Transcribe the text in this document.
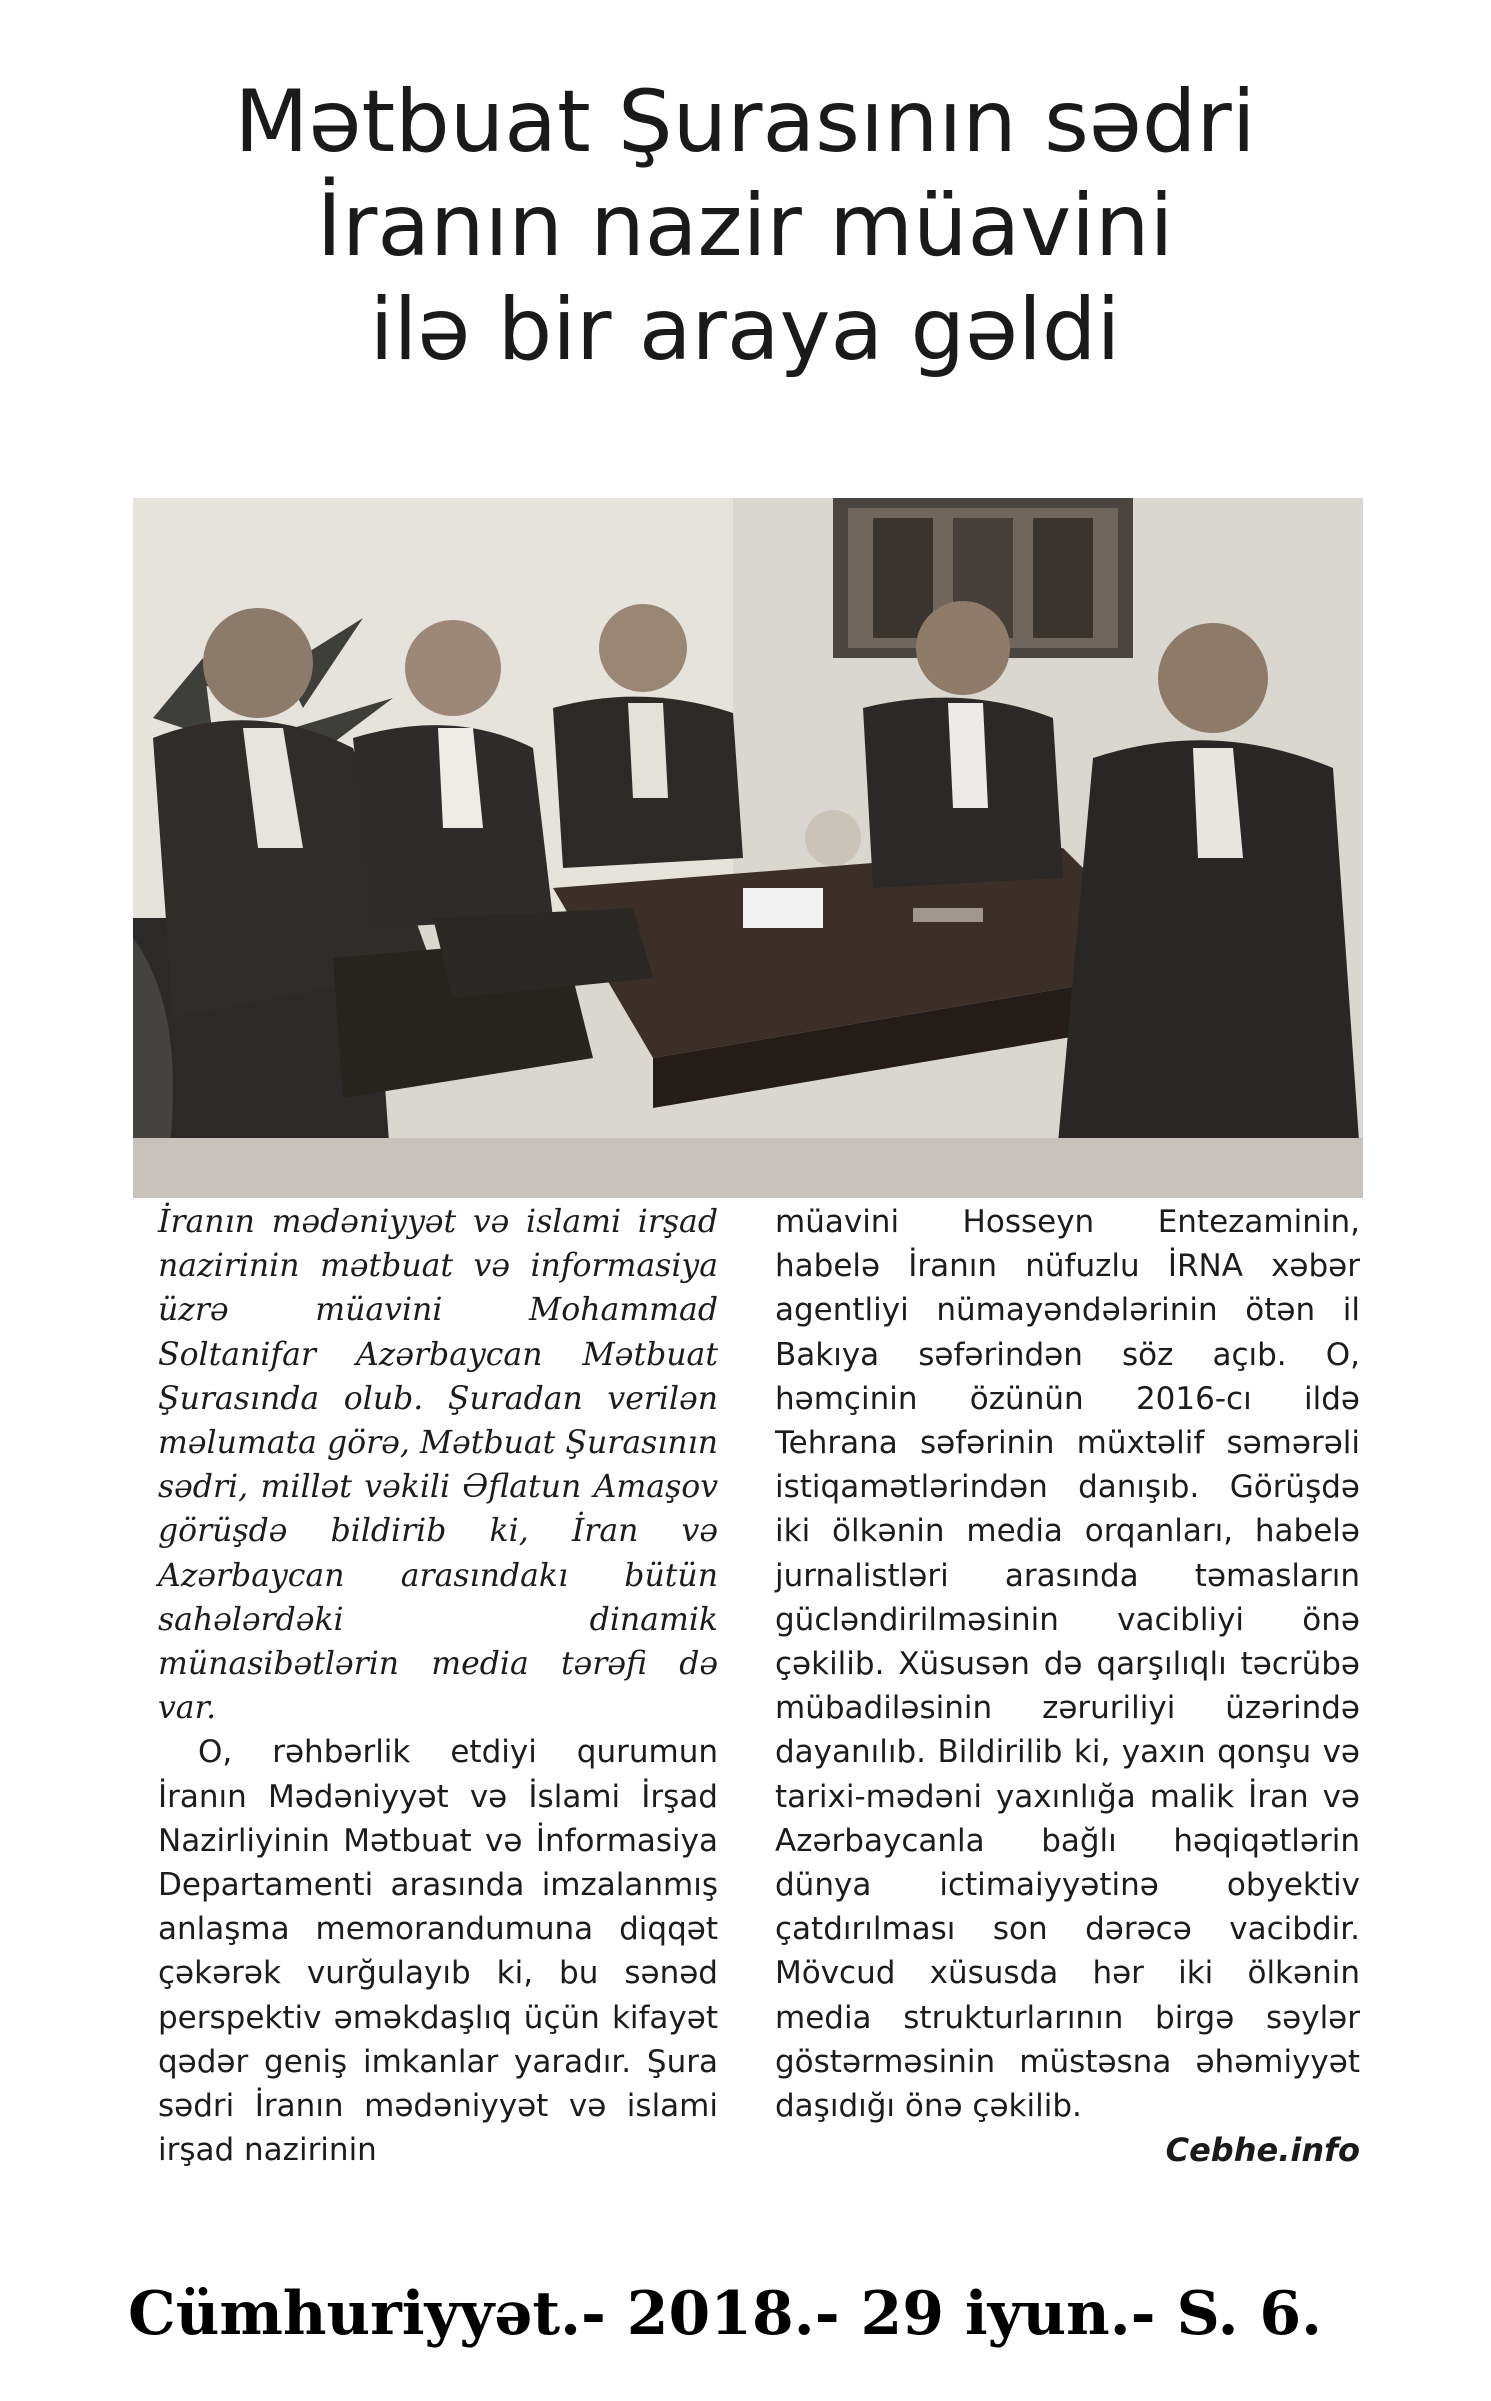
Mətbuat Şurasının sədri
İranın nazir müavini
ilə bir araya gəldi

İranın mədəniyyət və islami irşad nazirinin mətbuat və informasiya üzrə müavini Mohammad Soltanifar Azərbaycan Mətbuat Şurasında olub. Şuradan verilən məlumata görə, Mətbuat Şurasının sədri, millət vəkili Əflatun Amaşov görüşdə bildirib ki, İran və Azərbaycan arasındakı bütün sahələrdəki dinamik münasibətlərin media tərəfi də var.

O, rəhbərlik etdiyi qurumun İranın Mədəniyyət və İslami İrşad Nazirliyinin Mətbuat və İnformasiya Departamenti arasında imzalanmış anlaşma memorandumuna diqqət çəkərək vurğulayıb ki, bu sənəd perspektiv əməkdaşlıq üçün kifayət qədər geniş imkanlar yaradır. Şura sədri İranın mədəniyyət və islami irşad nazirinin

müavini Hosseyn Entezaminin, habelə İranın nüfuzlu İRNA xəbər agentliyi nümayəndələrinin ötən il Bakıya səfərindən söz açıb. O, həmçinin özünün 2016-cı ildə Tehrana səfərinin müxtəlif səmərəli istiqamətlərindən danışıb. Görüşdə iki ölkənin media orqanları, habelə jurnalistləri arasında təmasların gücləndirilməsinin vacibliyi önə çəkilib. Xüsusən də qarşılıqlı təcrübə mübadiləsinin zəruriliyi üzərində dayanılıb. Bildirilib ki, yaxın qonşu və tarixi-mədəni yaxınlığa malik İran və Azərbaycanla bağlı həqiqətlərin dünya ictimaiyyətinə obyektiv çatdırılması son dərəcə vacibdir. Mövcud xüsusda hər iki ölkənin media strukturlarının birgə səylər göstərməsinin müstəsna əhəmiyyət daşıdığı önə çəkilib.

Cebhe.info

Cümhuriyyət.- 2018.- 29 iyun.- S. 6.
